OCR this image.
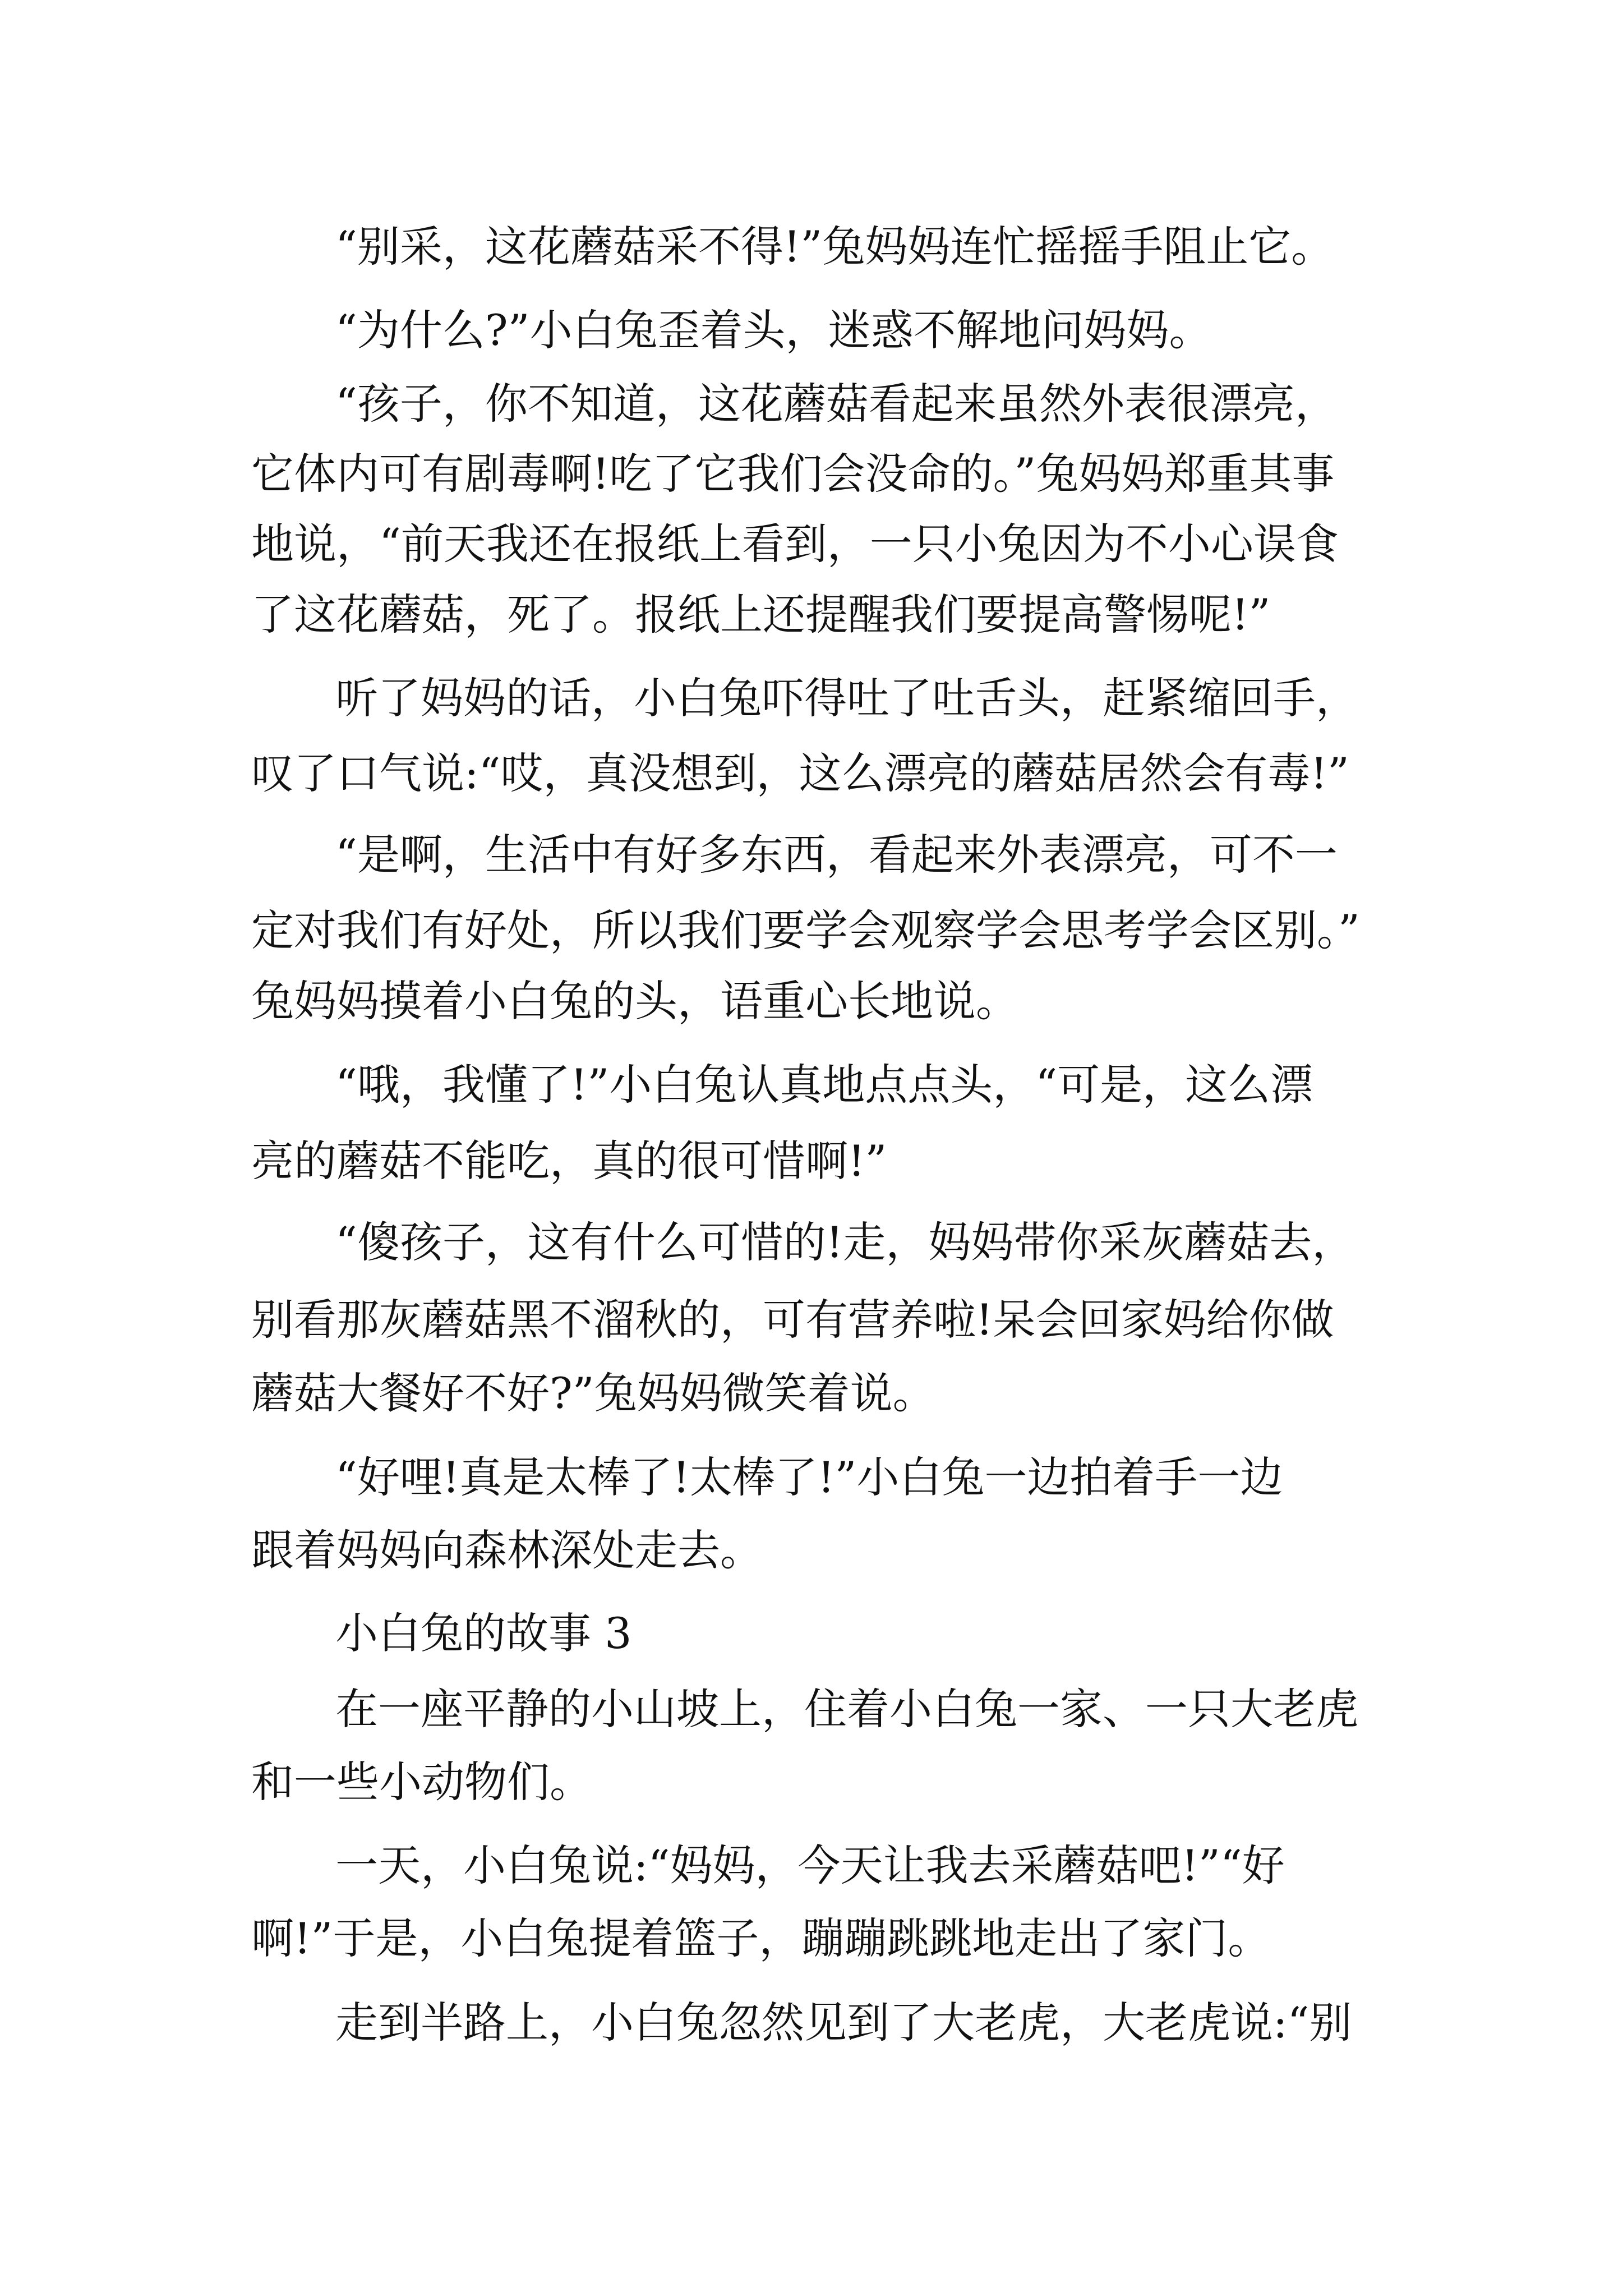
“别采，这花蘑菇采不得!”兔妈妈连忙摇摇手阻止它。

“为什么?”小白兔歪着头，迷惑不解地问妈妈。

“孩子，你不知道，这花蘑菇看起来虽然外表很漂亮，

它体内可有剧毒啊!吃了它我们会没命的。”兔妈妈郑重其事

地说，“前天我还在报纸上看到，一只小兔因为不小心误食

了这花蘑菇，死了。报纸上还提醒我们要提高警惕呢!”

听了妈妈的话，小白兔吓得吐了吐舌头，赶紧缩回手，

叹了口气说:“哎，真没想到，这么漂亮的蘑菇居然会有毒!”

“是啊，生活中有好多东西，看起来外表漂亮，可不一

定对我们有好处，所以我们要学会观察学会思考学会区别。”

兔妈妈摸着小白兔的头，语重心长地说。

“哦，我懂了!”小白兔认真地点点头，“可是，这么漂

亮的蘑菇不能吃，真的很可惜啊!”

“傻孩子，这有什么可惜的!走，妈妈带你采灰蘑菇去，

别看那灰蘑菇黑不溜秋的，可有营养啦!呆会回家妈给你做

蘑菇大餐好不好?”兔妈妈微笑着说。

“好哩!真是太棒了!太棒了!”小白兔一边拍着手一边

跟着妈妈向森林深处走去。

小白兔的故事 3

在一座平静的小山坡上，住着小白兔一家、一只大老虎

和一些小动物们。

一天，小白兔说:“妈妈，今天让我去采蘑菇吧!”“好

啊!”于是，小白兔提着篮子，蹦蹦跳跳地走出了家门。

走到半路上，小白兔忽然见到了大老虎，大老虎说:“别
